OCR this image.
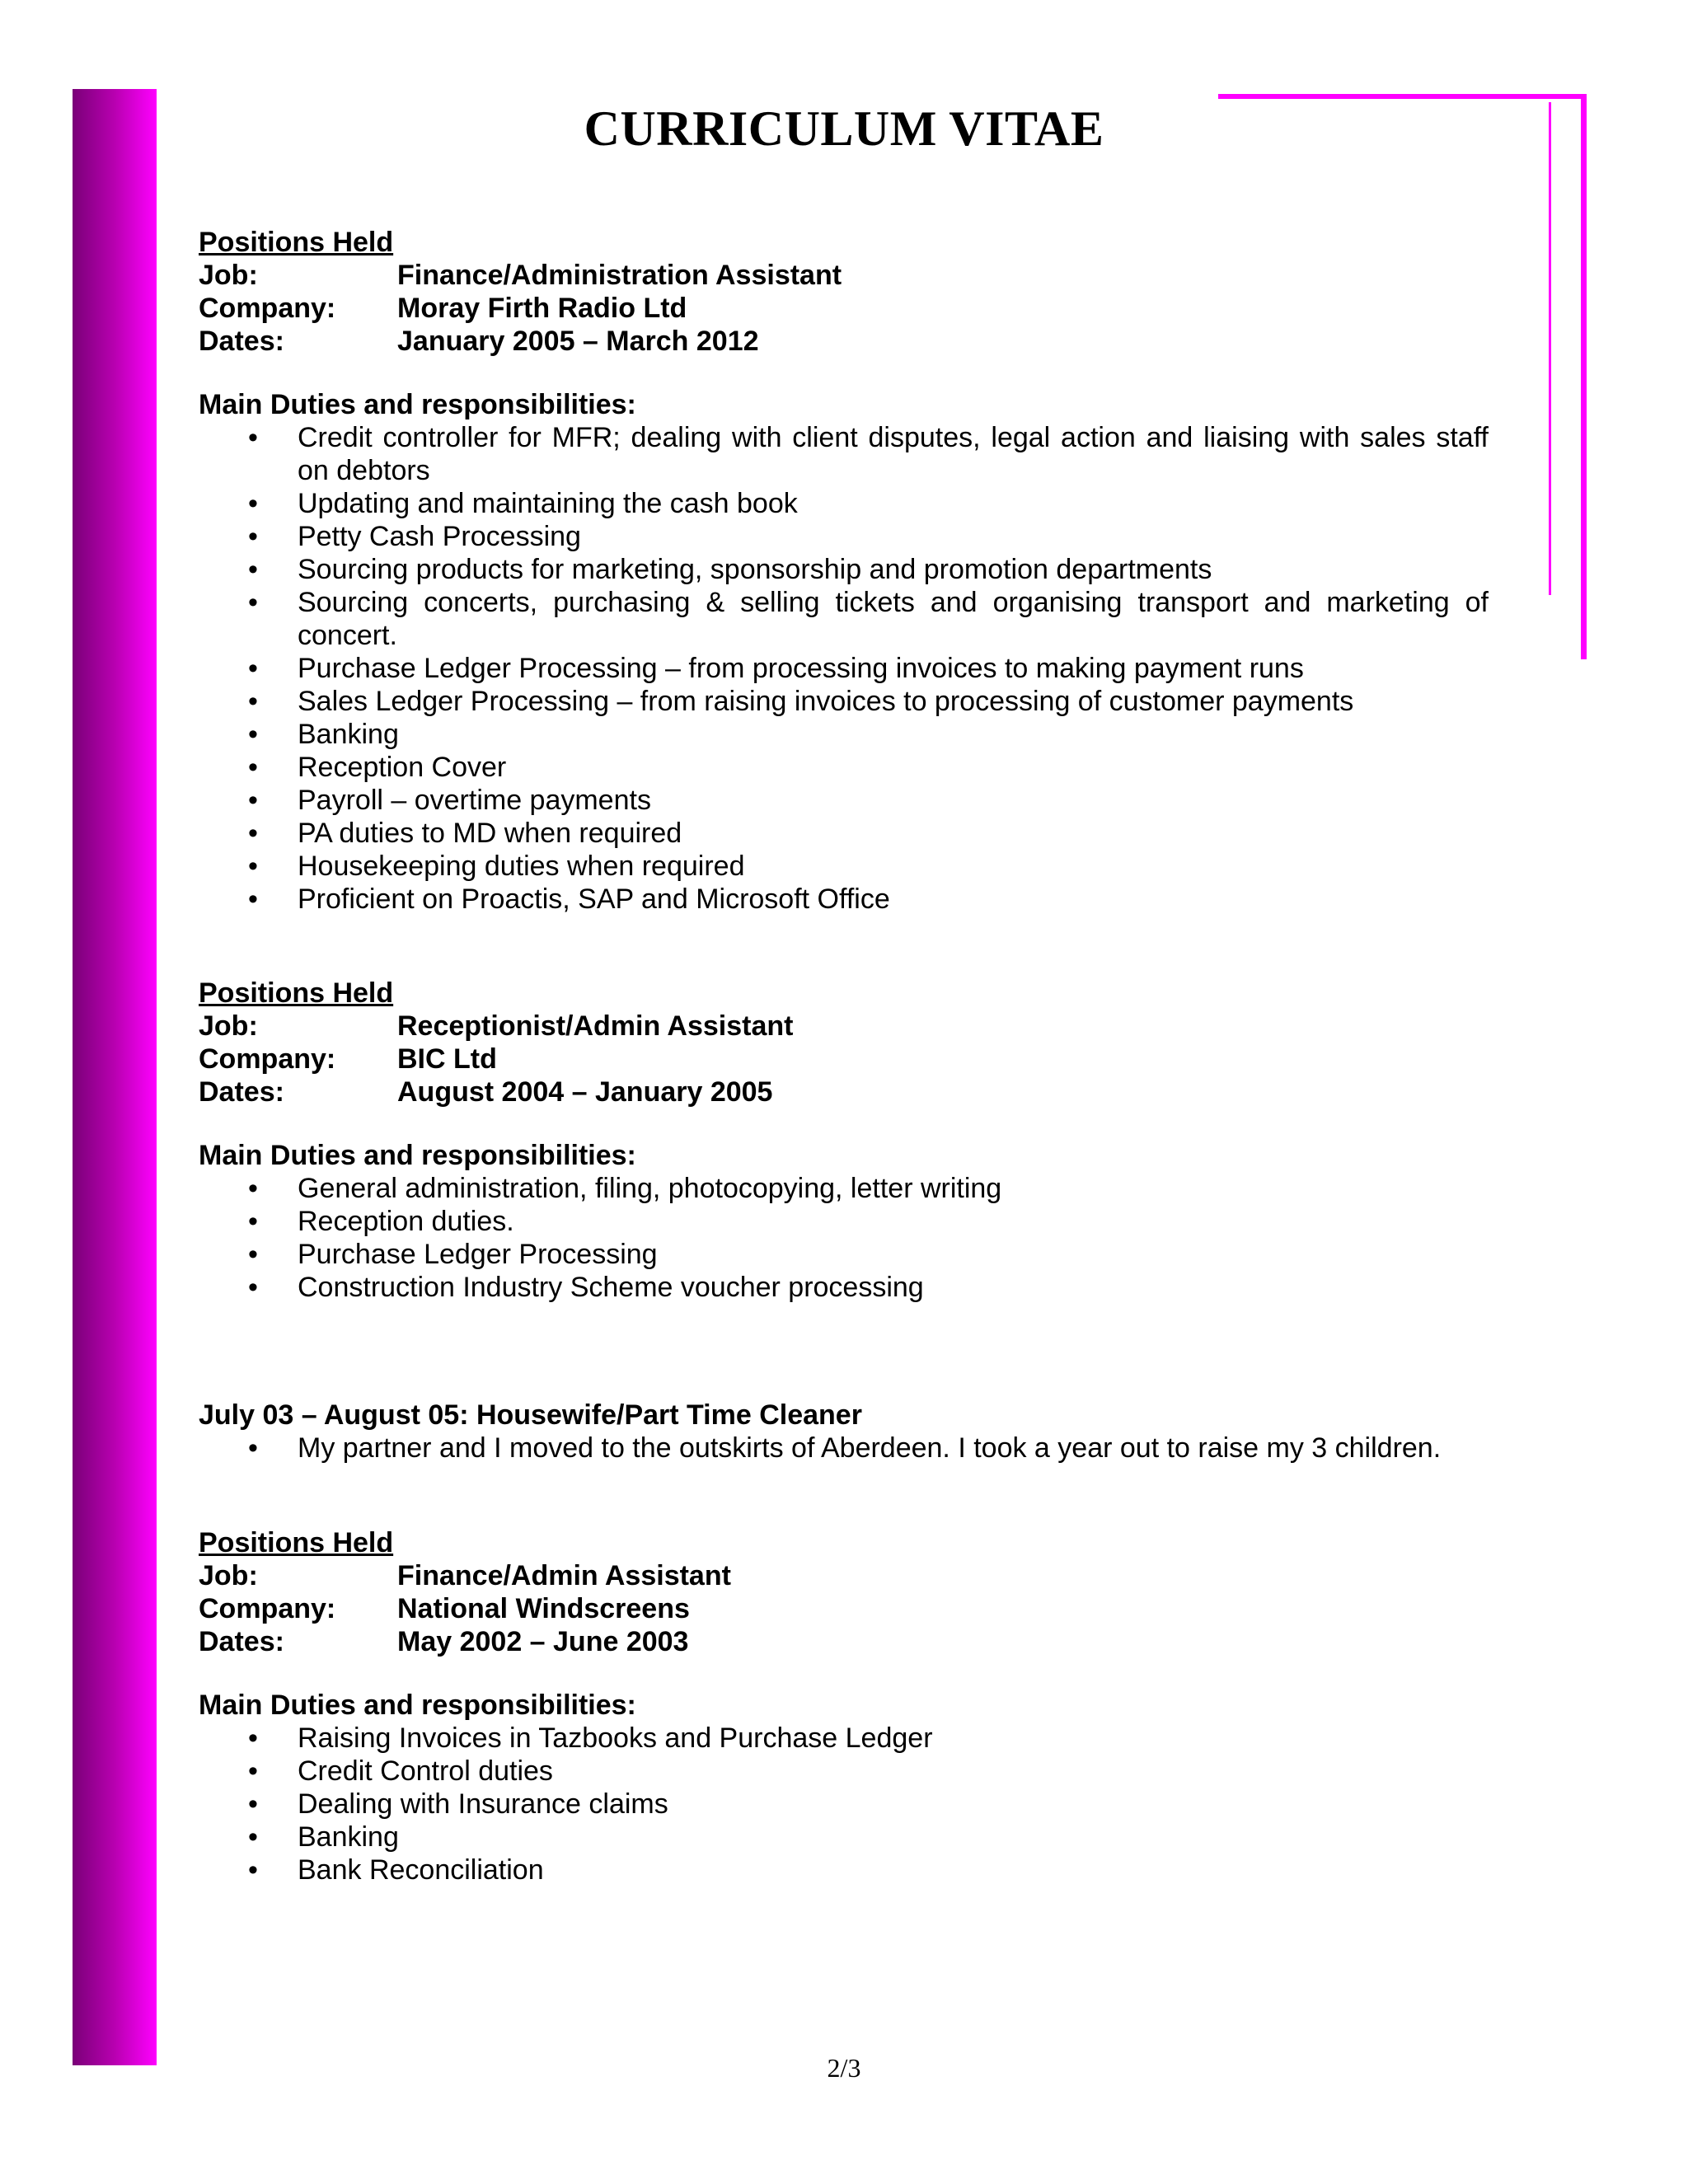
CURRICULUM VITAE
Positions Held
Job:	Finance/Administration Assistant
Company:	Moray Firth Radio Ltd
Dates:	January 2005 – March 2012
Main Duties and responsibilities:
• Credit controller for MFR; dealing with client disputes, legal action and liaising with sales staff on debtors
• Updating and maintaining the cash book
• Petty Cash Processing
• Sourcing products for marketing, sponsorship and promotion departments
• Sourcing concerts, purchasing & selling tickets and organising transport and marketing of concert.
• Purchase Ledger Processing – from processing invoices to making payment runs
• Sales Ledger Processing – from raising invoices to processing of customer payments
• Banking
• Reception Cover
• Payroll – overtime payments
• PA duties to MD when required
• Housekeeping duties when required
• Proficient on Proactis, SAP and Microsoft Office
Positions Held
Job:	Receptionist/Admin Assistant
Company:	BIC Ltd
Dates:	August 2004 – January 2005
Main Duties and responsibilities:
• General administration, filing, photocopying, letter writing
• Reception duties.
• Purchase Ledger Processing
• Construction Industry Scheme voucher processing
July 03 – August 05: Housewife/Part Time Cleaner
• My partner and I moved to the outskirts of Aberdeen. I took a year out to raise my 3 children.
Positions Held
Job:	Finance/Admin Assistant
Company:	National Windscreens
Dates:	May 2002 – June 2003
Main Duties and responsibilities:
• Raising Invoices in Tazbooks and Purchase Ledger
• Credit Control duties
• Dealing with Insurance claims
• Banking
• Bank Reconciliation
2/3
